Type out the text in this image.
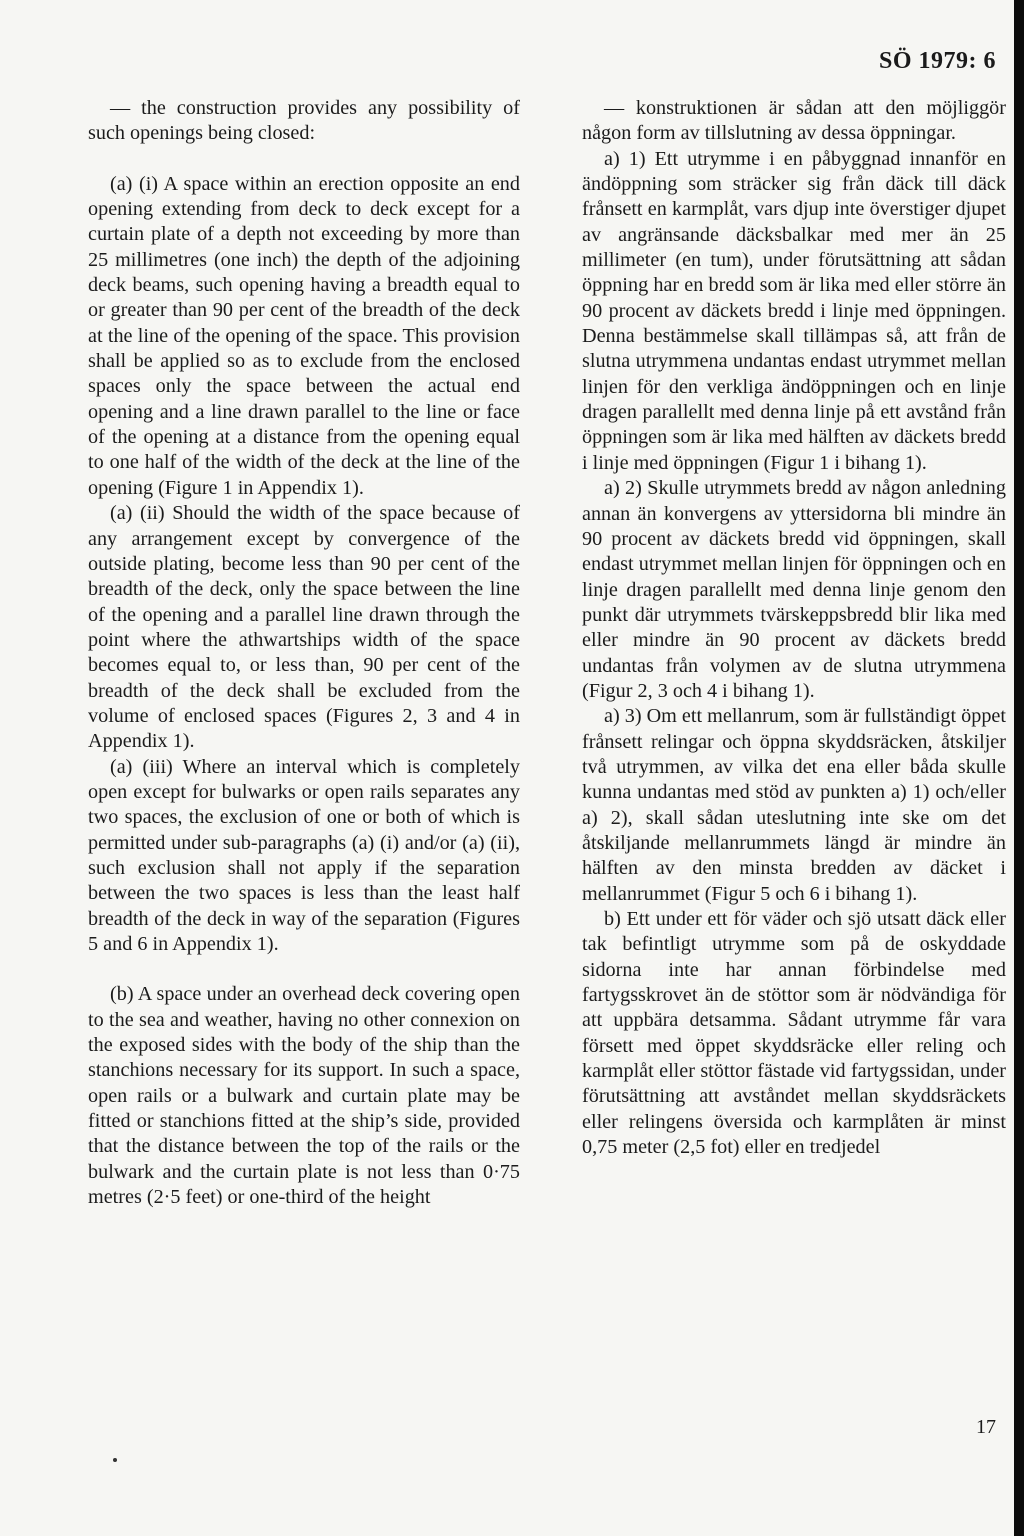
SÖ 1979: 6

— the construction provides any possibility of such openings being closed:

(a) (i) A space within an erection opposite an end opening extending from deck to deck except for a curtain plate of a depth not exceeding by more than 25 millimetres (one inch) the depth of the adjoining deck beams, such opening having a breadth equal to or greater than 90 per cent of the breadth of the deck at the line of the opening of the space. This provision shall be applied so as to exclude from the enclosed spaces only the space between the actual end opening and a line drawn parallel to the line or face of the opening at a distance from the opening equal to one half of the width of the deck at the line of the opening (Figure 1 in Appendix 1).

(a) (ii) Should the width of the space because of any arrangement except by convergence of the outside plating, become less than 90 per cent of the breadth of the deck, only the space between the line of the opening and a parallel line drawn through the point where the athwartships width of the space becomes equal to, or less than, 90 per cent of the breadth of the deck shall be excluded from the volume of enclosed spaces (Figures 2, 3 and 4 in Appendix 1).

(a) (iii) Where an interval which is completely open except for bulwarks or open rails separates any two spaces, the exclusion of one or both of which is permitted under sub-paragraphs (a) (i) and/or (a) (ii), such exclusion shall not apply if the separation between the two spaces is less than the least half breadth of the deck in way of the separation (Figures 5 and 6 in Appendix 1).

(b) A space under an overhead deck covering open to the sea and weather, having no other connexion on the exposed sides with the body of the ship than the stanchions necessary for its support. In such a space, open rails or a bulwark and curtain plate may be fitted or stanchions fitted at the ship’s side, provided that the distance between the top of the rails or the bulwark and the curtain plate is not less than 0·75 metres (2·5 feet) or one-third of the height

— konstruktionen är sådan att den möjliggör någon form av tillslutning av dessa öppningar.

a) 1) Ett utrymme i en påbyggnad innanför en ändöppning som sträcker sig från däck till däck frånsett en karmplåt, vars djup inte överstiger djupet av angränsande däcksbalkar med mer än 25 millimeter (en tum), under förutsättning att sådan öppning har en bredd som är lika med eller större än 90 procent av däckets bredd i linje med öppningen. Denna bestämmelse skall tillämpas så, att från de slutna utrymmena undantas endast utrymmet mellan linjen för den verkliga ändöppningen och en linje dragen parallellt med denna linje på ett avstånd från öppningen som är lika med hälften av däckets bredd i linje med öppningen (Figur 1 i bihang 1).

a) 2) Skulle utrymmets bredd av någon anledning annan än konvergens av yttersidorna bli mindre än 90 procent av däckets bredd vid öppningen, skall endast utrymmet mellan linjen för öppningen och en linje dragen parallellt med denna linje genom den punkt där utrymmets tvärskeppsbredd blir lika med eller mindre än 90 procent av däckets bredd undantas från volymen av de slutna utrymmena (Figur 2, 3 och 4 i bihang 1).

a) 3) Om ett mellanrum, som är fullständigt öppet frånsett relingar och öppna skyddsräcken, åtskiljer två utrymmen, av vilka det ena eller båda skulle kunna undantas med stöd av punkten a) 1) och/eller a) 2), skall sådan uteslutning inte ske om det åtskiljande mellanrummets längd är mindre än hälften av den minsta bredden av däcket i mellanrummet (Figur 5 och 6 i bihang 1).

b) Ett under ett för väder och sjö utsatt däck eller tak befintligt utrymme som på de oskyddade sidorna inte har annan förbindelse med fartygsskrovet än de stöttor som är nödvändiga för att uppbära detsamma. Sådant utrymme får vara försett med öppet skyddsräcke eller reling och karmplåt eller stöttor fästade vid fartygssidan, under förutsättning att avståndet mellan skyddsräckets eller relingens översida och karmplåten är minst 0,75 meter (2,5 fot) eller en tredjedel

17
